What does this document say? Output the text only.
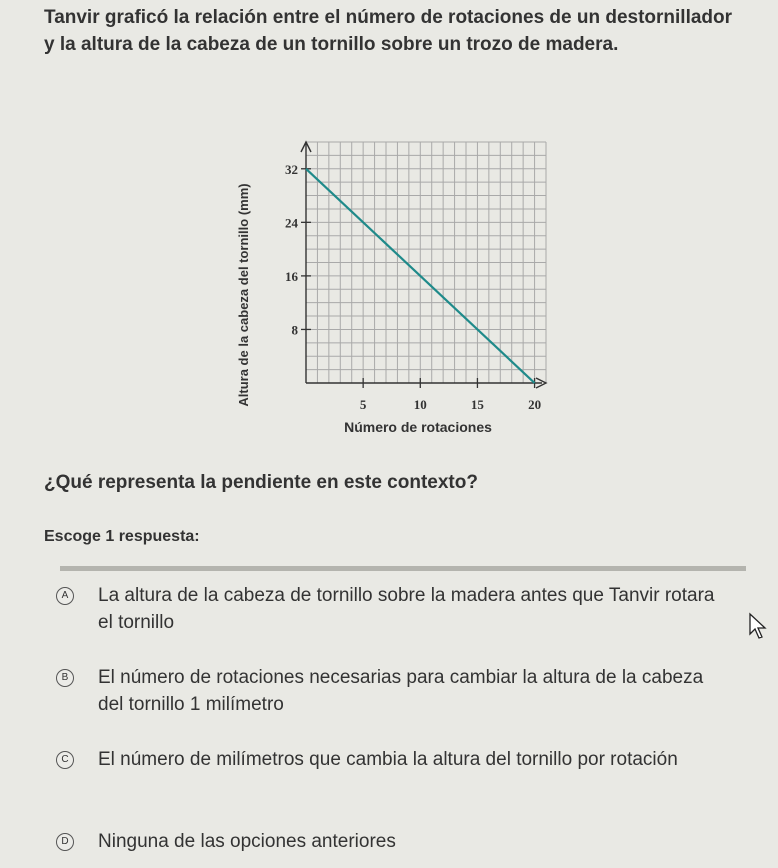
Tanvir graficó la relación entre el número de rotaciones de un destornillador y la altura de la cabeza de un tornillo sobre un trozo de madera.

5	10	15	20
8
16
24
32
Altura de la cabeza del tornillo (mm)
Número de rotaciones

¿Qué representa la pendiente en este contexto?

Escoge 1 respuesta:

A La altura de la cabeza de tornillo sobre la madera antes que Tanvir rotara el tornillo
B El número de rotaciones necesarias para cambiar la altura de la cabeza del tornillo 1 milímetro
C El número de milímetros que cambia la altura del tornillo por rotación
D Ninguna de las opciones anteriores
